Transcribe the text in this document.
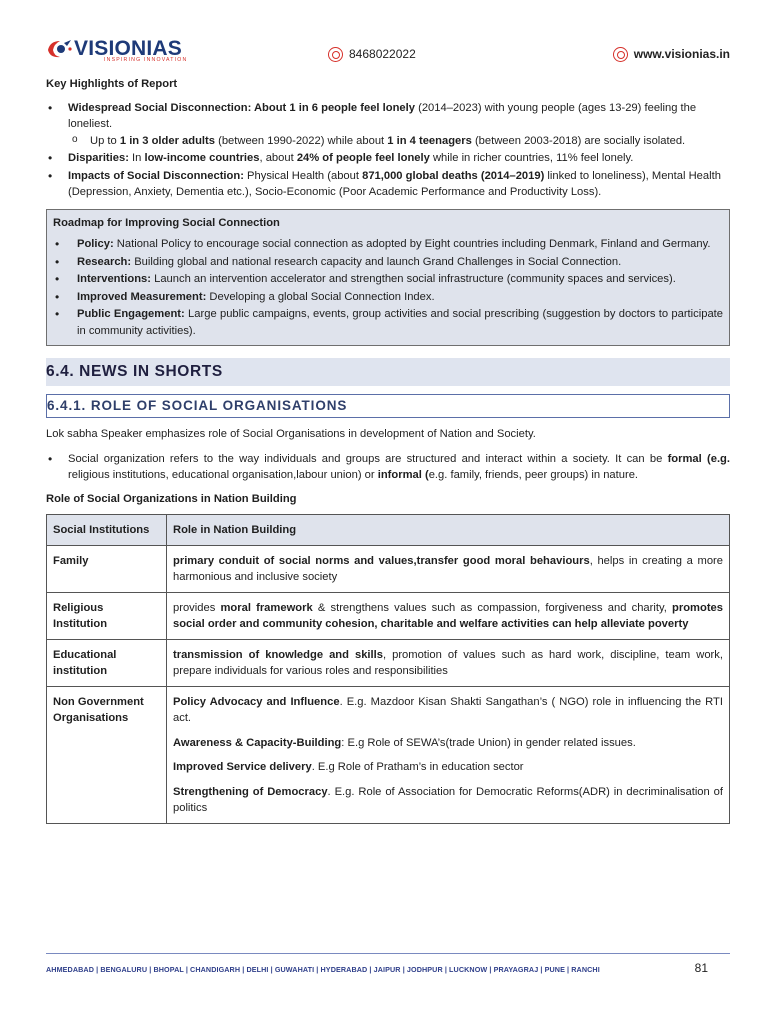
VISIONIAS
INSPIRING INNOVATION	8468022022	www.visionias.in

Key Highlights of Report

• Widespread Social Disconnection: About 1 in 6 people feel lonely (2014–2023) with young people (ages 13-29) feeling the loneliest.
o Up to 1 in 3 older adults (between 1990-2022) while about 1 in 4 teenagers (between 2003-2018) are socially isolated.
• Disparities: In low-income countries, about 24% of people feel lonely while in richer countries, 11% feel lonely.
• Impacts of Social Disconnection: Physical Health (about 871,000 global deaths (2014–2019) linked to loneliness), Mental Health (Depression, Anxiety, Dementia etc.), Socio-Economic (Poor Academic Performance and Productivity Loss).

Roadmap for Improving Social Connection

• Policy: National Policy to encourage social connection as adopted by Eight countries including Denmark, Finland and Germany.
• Research: Building global and national research capacity and launch Grand Challenges in Social Connection.
• Interventions: Launch an intervention accelerator and strengthen social infrastructure (community spaces and services).
• Improved Measurement: Developing a global Social Connection Index.
• Public Engagement: Large public campaigns, events, group activities and social prescribing (suggestion by doctors to participate in community activities).
6.4. NEWS IN SHORTS
6.4.1. ROLE OF SOCIAL ORGANISATIONS

Lok sabha Speaker emphasizes role of Social Organisations in development of Nation and Society.

• Social organization refers to the way individuals and groups are structured and interact within a society. It can be formal (e.g. religious institutions, educational organisation,labour union) or informal (e.g. family, friends, peer groups) in nature.

Role of Social Organizations in Nation Building

Social Institutions	Role in Nation Building
Family	primary conduit of social norms and values,transfer good moral behaviours, helps in creating a more harmonious and inclusive society
Religious Institution	provides moral framework & strengthens values such as compassion, forgiveness and charity, promotes social order and community cohesion, charitable and welfare activities can help alleviate poverty
Educational institution	transmission of knowledge and skills, promotion of values such as hard work, discipline, team work, prepare individuals for various roles and responsibilities
Non Government Organisations	Policy Advocacy and Influence. E.g. Mazdoor Kisan Shakti Sangathan’s ( NGO) role in influencing the RTI act.

Awareness & Capacity-Building: E.g Role of SEWA’s(trade Union) in gender related issues.

Improved Service delivery. E.g Role of Pratham’s in education sector

Strengthening of Democracy. E.g. Role of Association for Democratic Reforms(ADR) in decriminalisation of politics

AHMEDABAD | BENGALURU | BHOPAL | CHANDIGARH | DELHI | GUWAHATI | HYDERABAD | JAIPUR | JODHPUR | LUCKNOW | PRAYAGRAJ | PUNE | RANCHI	81
